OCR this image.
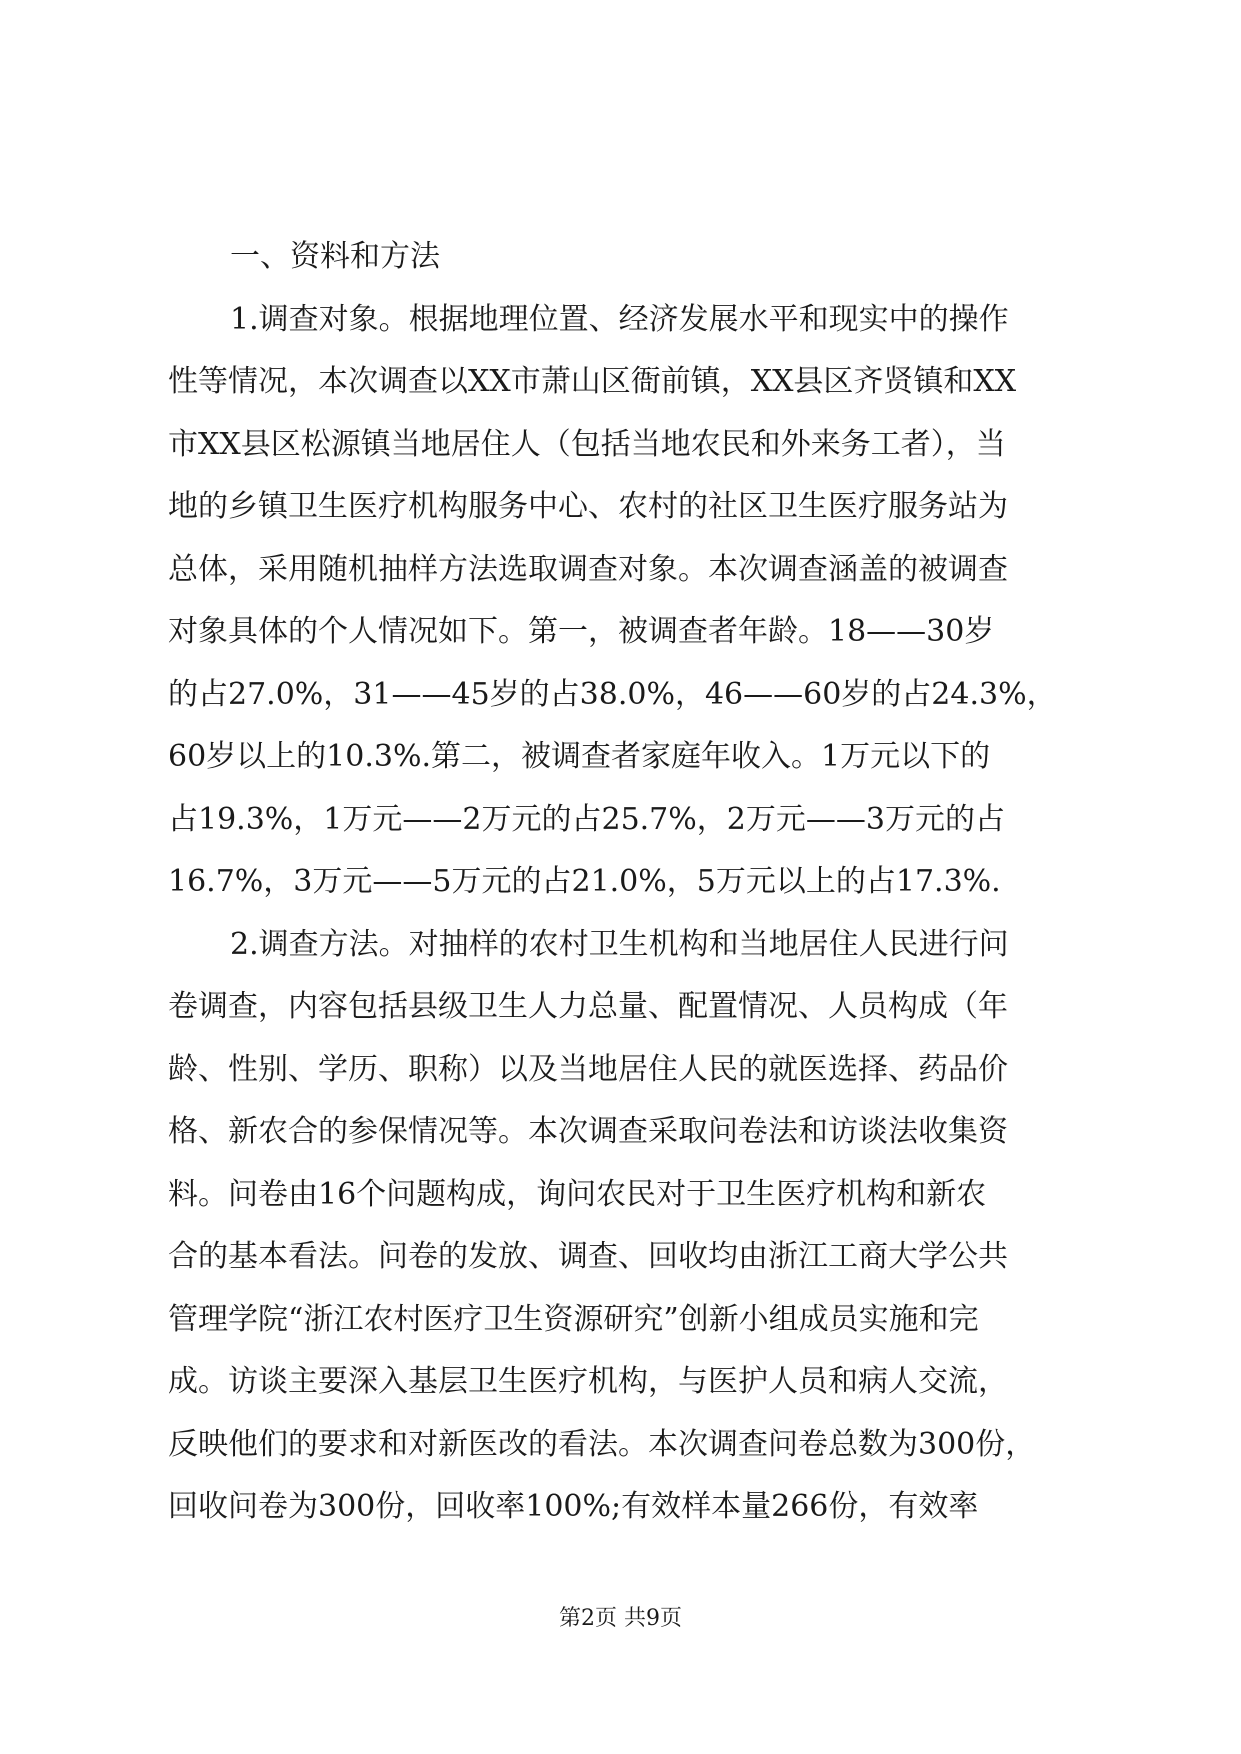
一、资料和方法
1.调查对象。根据地理位置、经济发展水平和现实中的操作
性等情况，本次调查以XX市萧山区衙前镇，XX县区齐贤镇和XX
市XX县区松源镇当地居住人（包括当地农民和外来务工者），当
地的乡镇卫生医疗机构服务中心、农村的社区卫生医疗服务站为
总体，采用随机抽样方法选取调查对象。本次调查涵盖的被调查
对象具体的个人情况如下。第一，被调查者年龄。18——30岁
的占27.0%，31——45岁的占38.0%，46——60岁的占24.3%，
60岁以上的10.3%.第二，被调查者家庭年收入。1万元以下的
占19.3%，1万元——2万元的占25.7%，2万元——3万元的占
16.7%，3万元——5万元的占21.0%，5万元以上的占17.3%.
2.调查方法。对抽样的农村卫生机构和当地居住人民进行问
卷调查，内容包括县级卫生人力总量、配置情况、人员构成（年
龄、性别、学历、职称）以及当地居住人民的就医选择、药品价
格、新农合的参保情况等。本次调查采取问卷法和访谈法收集资
料。问卷由16个问题构成，询问农民对于卫生医疗机构和新农
合的基本看法。问卷的发放、调查、回收均由浙江工商大学公共
管理学院“浙江农村医疗卫生资源研究”创新小组成员实施和完
成。访谈主要深入基层卫生医疗机构，与医护人员和病人交流，
反映他们的要求和对新医改的看法。本次调查问卷总数为300份，
回收问卷为300份，回收率100%;有效样本量266份，有效率
第2页 共9页
